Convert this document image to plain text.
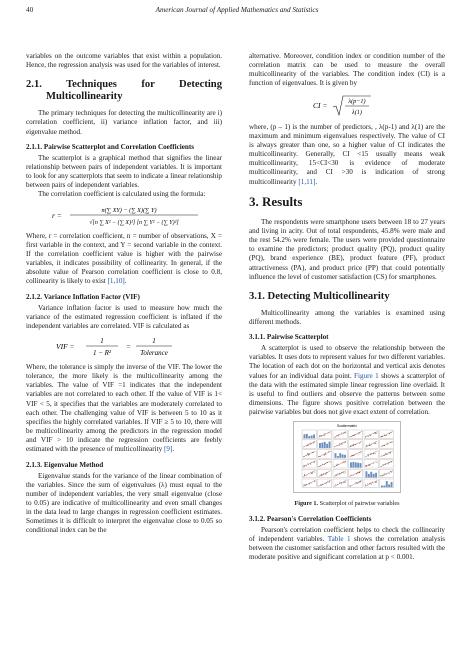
40	American Journal of Applied Mathematics and Statistics

variables on the outcome variables that exist within a population. Hence, the regression analysis was used for the variables of interest.

2.1. Techniques for Detecting Multicollinearity

The primary techniques for detecting the multicollinearity are i) correlation coefficient, ii) variance inflation factor, and iii) eigenvalue method.

2.1.1. Pairwise Scatterplot and Correlation Coefficients

The scatterplot is a graphical method that signifies the linear relationship between pairs of independent variables. It is important to look for any scatterplots that seem to indicate a linear relationship between pairs of independent variables.

The correlation coefficient is calculated using the formula:

r =
n(∑ XY) − (∑ X)(∑ Y)
√[n ∑ X² − (∑ X)²] [n ∑ Y² − (∑ Y)²]

Where, r = correlation coefficient, n = number of observations, X = first variable in the context, and Y = second variable in the context. If the correlation coefficient value is higher with the pairwise variables, it indicates possibility of collinearity. In general, if the absolute value of Pearson correlation coefficient is close to 0.8, collinearity is likely to exist [1,10].

2.1.2. Variance Inflation Factor (VIF)

Variance inflation factor is used to measure how much the variance of the estimated regression coefficient is inflated if the independent variables are correlated. VIF is calculated as

VIF =
1
1 − R²
=
1
Tolerance

Where, the tolerance is simply the inverse of the VIF. The lower the tolerance, the more likely is the multicollinearity among the variables. The value of VIF =1 indicates that the independent variables are not correlated to each other. If the value of VIF is 1< VIF < 5, it specifies that the variables are moderately correlated to each other. The challenging value of VIF is between 5 to 10 as it specifies the highly correlated variables. If VIF ≥ 5 to 10, there will be multicollinearity among the predictors in the regression model and VIF > 10 indicate the regression coefficients are feebly estimated with the presence of multicollinearity [9].

2.1.3. Eigenvalue Method

Eigenvalue stands for the variance of the linear combination of the variables. Since the sum of eigenvalues (λ) must equal to the number of independent variables, the very small eigenvalue (close to 0.05) are indicative of multicollinearity and even small changes in the data lead to large changes in regression coefficient estimates. Sometimes it is difficult to interpret the eigenvalue close to 0.05 so conditional index can be the

alternative. Moreover, condition index or condition number of the correlation matrix can be used to measure the overall multicollinearity of the variables. The condition index (CI) is a function of eigenvalues. It is given by

CI =	λ(p−1)
λ(1)

where, (p – 1) is the number of predictors, , λ(p-1) and λ(1) are the maximum and minimum eigenvalues respectively. The value of CI is always greater than one, so a higher value of CI indicates the multicollinearity. Generally, CI <15 usually means weak multicollinearity, 15<CI<30 is evidence of moderate multicollinearity, and CI >30 is indication of strong multicollinearity [1,11].

3. Results

The respondents were smartphone users between 18 to 27 years and living in acity. Out of total respondents, 45.8% were male and the rest 54.2% were female. The users were provided questionnaire to examine the predictors; product quality (PQ), product quality (PQ), brand experience (BE), product feature (PF), product attractiveness (PA), and product price (PP) that could potentially influence the level of customer satisfaction (CS) for smartphones.

3.1. Detecting Multicollinearity

Multicollinearity among the variables is examined using different methods.

3.1.1. Pairwise Scatterplot

A scatterplot is used to observe the relationship between the variables. It uses dots to represent values for two different variables. The location of each dot on the horizontal and vertical axis denotes values for an individual data point. Figure 1 shows a scatterplot of the data with the estimated simple linear regression line overlaid. It is useful to find outliers and observe the patterns between some dimensions. The figure shows positive correlation between the pairwise variables but does not give exact extent of correlation.

Scattermatrix
Figure 1. Scatterplot of pairwise variables
3.1.2. Pearson's Correlation Coefficients

Pearson's correlation coefficient helps to check the collinearity of independent variables. Table 1 shows the correlation analysis between the customer satisfaction and other factors resulted with the moderate positive and significant correlation at p < 0.001.
